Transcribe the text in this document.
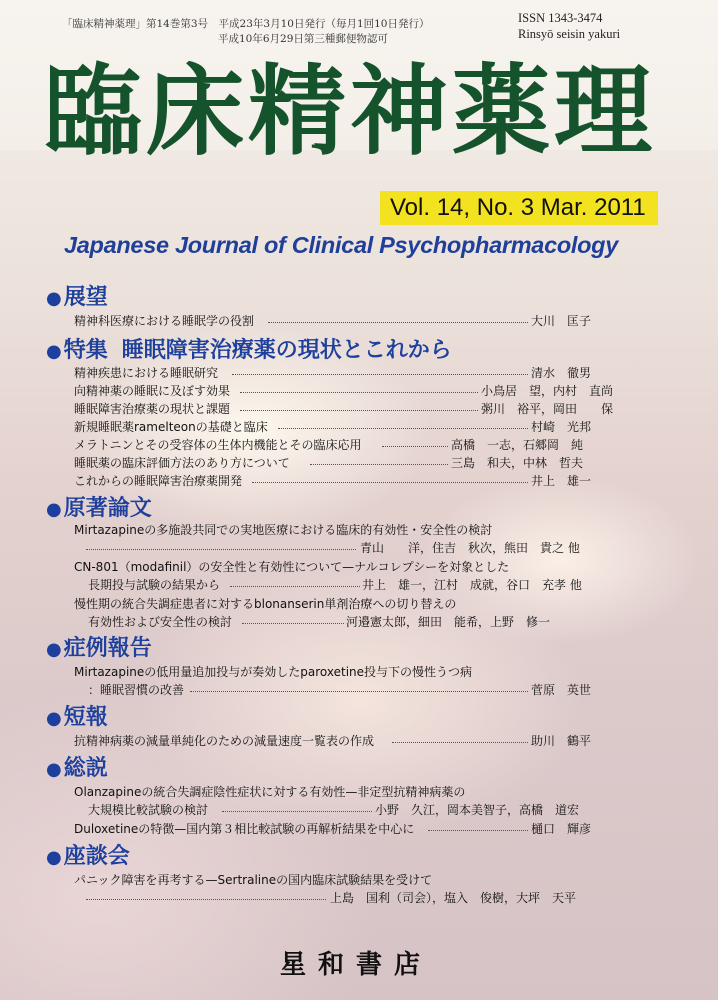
「臨床精神薬理」第14巻第3号　平成23年3月10日発行（毎月1回10日発行）
平成10年6月29日第三種郵便物認可
ISSN 1343-3474
Rinsyō seisin yakuri
臨床精神薬理
Vol. 14, No. 3 Mar. 2011
Japanese Journal of Clinical Psychopharmacology
●展望
精神科医療における睡眠学の役割	大川　匡子
●特集 睡眠障害治療薬の現状とこれから
精神疾患における睡眠研究	清水　徹男
向精神薬の睡眠に及ぼす効果	小鳥居　望，内村　直尚
睡眠障害治療薬の現状と課題	粥川　裕平，岡田　　保
新規睡眠薬ramelteonの基礎と臨床	村崎　光邦
メラトニンとその受容体の生体内機能とその臨床応用	高橋　一志，石郷岡　純
睡眠薬の臨床評価方法のあり方について	三島　和夫，中林　哲夫
これからの睡眠障害治療薬開発	井上　雄一
●原著論文
Mirtazapineの多施設共同での実地医療における臨床的有効性・安全性の検討
青山　　洋，住吉　秋次，熊田　貴之 他
CN-801（modafinil）の安全性と有効性について—ナルコレプシーを対象とした
長期投与試験の結果から	井上　雄一，江村　成就，谷口　充孝 他
慢性期の統合失調症患者に対するblonanserin単剤治療への切り替えの
有効性および安全性の検討	河邉憲太郎，細田　能希，上野　修一
●症例報告
Mirtazapineの低用量追加投与が奏効したparoxetine投与下の慢性うつ病
：睡眠習慣の改善	菅原　英世
●短報
抗精神病薬の減量単純化のための減量速度一覧表の作成	助川　鶴平
●総説
Olanzapineの統合失調症陰性症状に対する有効性—非定型抗精神病薬の
大規模比較試験の検討	小野　久江，岡本美智子，高橋　道宏
Duloxetineの特徴—国内第３相比較試験の再解析結果を中心に	樋口　輝彦
●座談会
パニック障害を再考する—Sertralineの国内臨床試験結果を受けて
上島　国利（司会），塩入　俊樹，大坪　天平
星和書店
